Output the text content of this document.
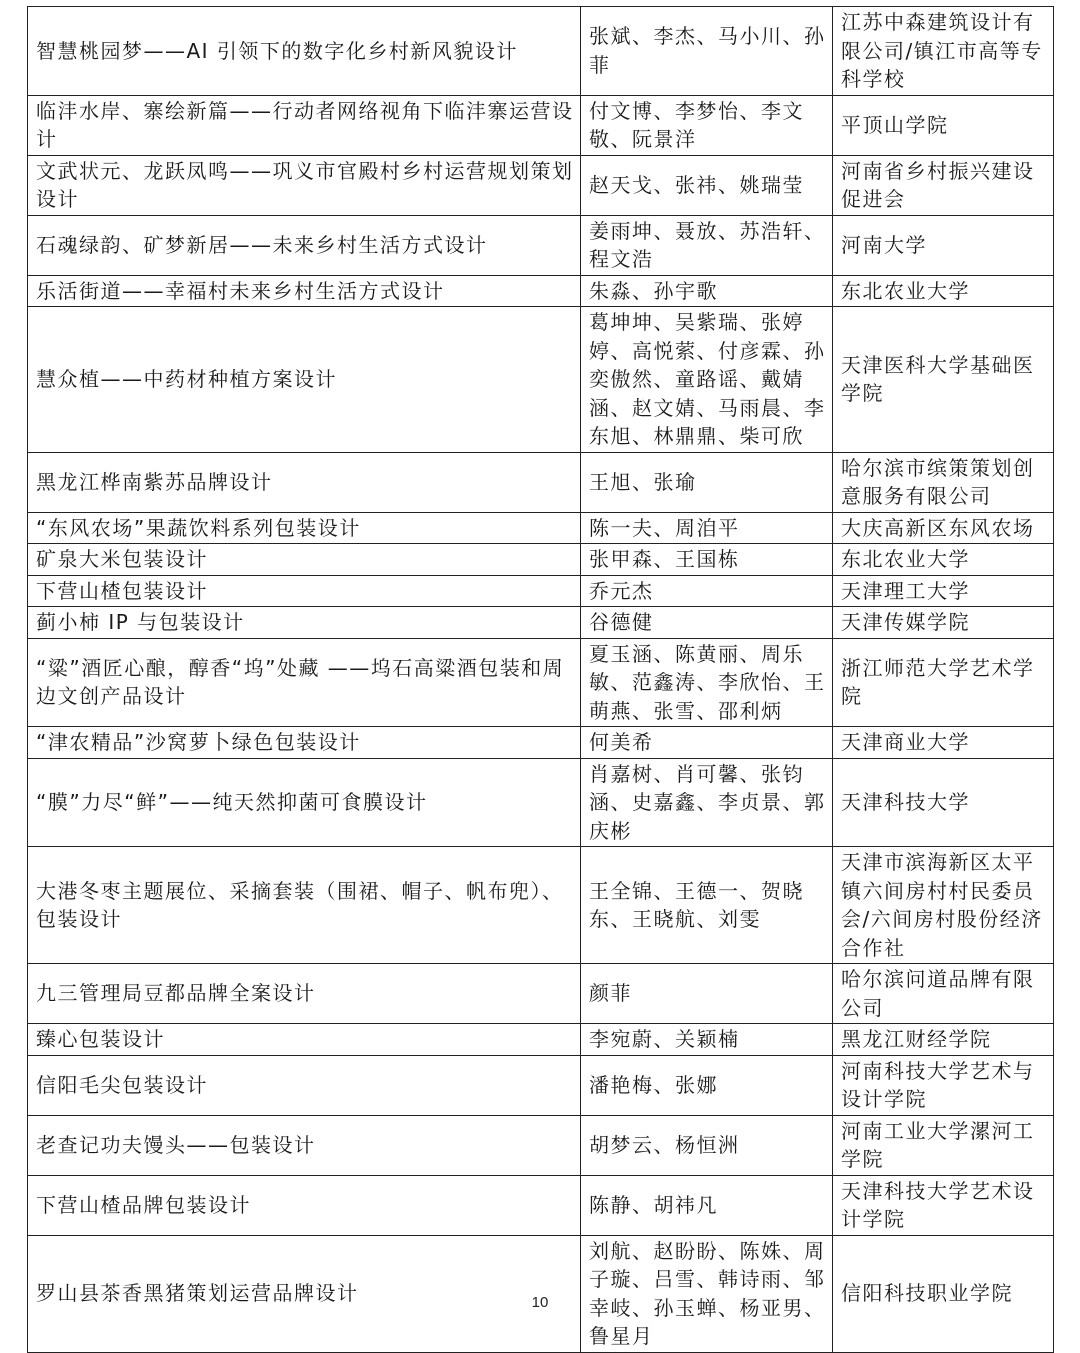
智慧桃园梦——AI 引领下的数字化乡村新风貌设计	张斌、李杰、马小川、孙菲	江苏中森建筑设计有限公司/镇江市高等专科学校
临沣水岸、寨绘新篇——行动者网络视角下临沣寨运营设计	付文博、李梦怡、李文敬、阮景洋	平顶山学院
文武状元、龙跃凤鸣——巩义市官殿村乡村运营规划策划设计	赵天戈、张祎、姚瑞莹	河南省乡村振兴建设促进会
石魂绿韵、矿梦新居——未来乡村生活方式设计	姜雨坤、聂放、苏浩轩、程文浩	河南大学
乐活街道——幸福村未来乡村生活方式设计	朱淼、孙宇歌	东北农业大学
慧众植——中药材种植方案设计	葛坤坤、吴紫瑞、张婷婷、高悦萦、付彦霖、孙奕傲然、童路谣、戴婧涵、赵文婧、马雨晨、李东旭、林鼎鼎、柴可欣	天津医科大学基础医学院
黑龙江桦南紫苏品牌设计	王旭、张瑜	哈尔滨市缤策策划创意服务有限公司
“东风农场”果蔬饮料系列包装设计	陈一夫、周洎平	大庆高新区东风农场
矿泉大米包装设计	张甲森、王国栋	东北农业大学
下营山楂包装设计	乔元杰	天津理工大学
蓟小柿 IP 与包装设计	谷德健	天津传媒学院
“粱”酒匠心酿，醇香“坞”处藏 ——坞石高粱酒包装和周边文创产品设计	夏玉涵、陈黄丽、周乐敏、范鑫涛、李欣怡、王萌燕、张雪、邵利炳	浙江师范大学艺术学院
“津农精品”沙窝萝卜绿色包装设计	何美希	天津商业大学
“膜”力尽“鲜”——纯天然抑菌可食膜设计	肖嘉树、肖可馨、张钧涵、史嘉鑫、李贞景、郭庆彬	天津科技大学
大港冬枣主题展位、采摘套装（围裙、帽子、帆布兜）、包装设计	王全锦、王德一、贺晓东、王晓航、刘雯	天津市滨海新区太平镇六间房村村民委员会/六间房村股份经济合作社
九三管理局豆都品牌全案设计	颜菲	哈尔滨问道品牌有限公司
臻心包装设计	李宛蔚、关颖楠	黑龙江财经学院
信阳毛尖包装设计	潘艳梅、张娜	河南科技大学艺术与设计学院
老查记功夫馒头——包装设计	胡梦云、杨恒洲	河南工业大学漯河工学院
下营山楂品牌包装设计	陈静、胡祎凡	天津科技大学艺术设计学院
罗山县茶香黑猪策划运营品牌设计	刘航、赵盼盼、陈姝、周子璇、吕雪、韩诗雨、邹幸岐、孙玉蝉、杨亚男、鲁星月	信阳科技职业学院
10
